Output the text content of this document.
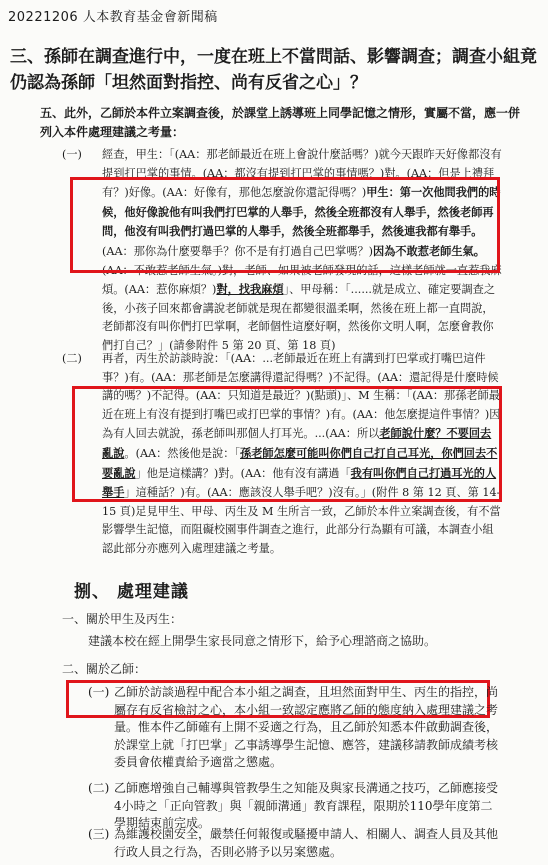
20221206 人本教育基金會新聞稿
三、孫師在調查進行中，一度在班上不當問話、影響調查；調查小組竟仍認為孫師「坦然面對指控、尚有反省之心」？
五、此外，乙師於本件立案調查後，於課堂上誘導班上同學記憶之情形，實屬不當，應一併列入本件處理建議之考量：
(一) 經查，甲生：「(AA：那老師最近在班上會說什麼話嗎？)就今天跟昨天好像都沒有提到打巴掌的事情。(AA：都沒有提到打巴掌的事情嗎？)對。(AA：但是上禮拜有？)好像。(AA：好像有，那他怎麼說你還記得嗎？)甲生：第一次他問我們的時候，他好像說他有叫我們打巴掌的人舉手，然後全班都沒有人舉手，然後老師再問，他沒有叫我們打過巴掌的人舉手，然後全班都舉手，然後連我都有舉手。(AA：那你為什麼要舉手？你不是有打過自己巴掌嗎？)因為不敢惹老師生氣。(AA：不敢惹老師生氣。)對，老師、如果被老師發現的話，這樣老師就一直惹我麻煩。(AA：惹你麻煩？)對，找我麻煩」、甲母稱：「......就是成立、確定要調查之後，小孩子回來都會講說老師就是現在都變很溫柔啊，然後在班上都一直問說，老師都沒有叫你們打巴掌啊，老師個性這麼好啊，然後你文明人啊，怎麼會教你們打自己？」(請參附件 5 第 20 頁、第 18 頁)
(二) 再者，丙生於訪談時說：「(AA：...老師最近在班上有講到打巴掌或打嘴巴這件事？)有。(AA：那老師是怎麼講得還記得嗎？)不記得。(AA：還記得是什麼時候講的嗎？)不記得。(AA：只知道是最近？)(點頭)」、M 生稱：「(AA：那孫老師最近在班上有沒有提到打嘴巴或打巴掌的事情？)有。(AA：他怎麼提這件事情？)因為有人回去就說，孫老師叫那個人打耳光。...(AA：所以老師說什麼？不要回去亂說。(AA：然後他是說：「孫老師怎麼可能叫你們自己打自己耳光，你們回去不要亂說」他是這樣講？)對。(AA：他有沒有講過「我有叫你們自己打過耳光的人舉手」這種話？)有。(AA：應該沒人舉手吧？)沒有。」(附件 8 第 12 頁、第 14-15 頁)足見甲生、甲母、丙生及 M 生所言一致，乙師於本件立案調查後，有不當影響學生記憶，而阻礙校園事件調查之進行，此部分行為顯有可議，本調查小組認此部分亦應列入處理建議之考量。
捌、 處理建議
一、關於甲生及丙生：
建議本校在經上開學生家長同意之情形下，給予心理諮商之協助。
二、關於乙師：
(一) 乙師於訪談過程中配合本小組之調查，且坦然面對甲生、丙生的指控，尚屬存有反省檢討之心，本小組一致認定應將乙師的態度納入處理建議之考量。惟本件乙師確有上開不妥適之行為，且乙師於知悉本件啟動調查後，於課堂上就「打巴掌」乙事誘導學生記憶、應答，建議移請教師成績考核委員會依權責給予適當之懲處。
(二) 乙師應增強自己輔導與管教學生之知能及與家長溝通之技巧，乙師應接受4小時之「正向管教」與「親師溝通」教育課程，限期於110學年度第二學期結束前完成。
(三) 為維護校園安全，嚴禁任何報復或騷擾申請人、相關人、調查人員及其他行政人員之行為，否則必將予以另案懲處。
